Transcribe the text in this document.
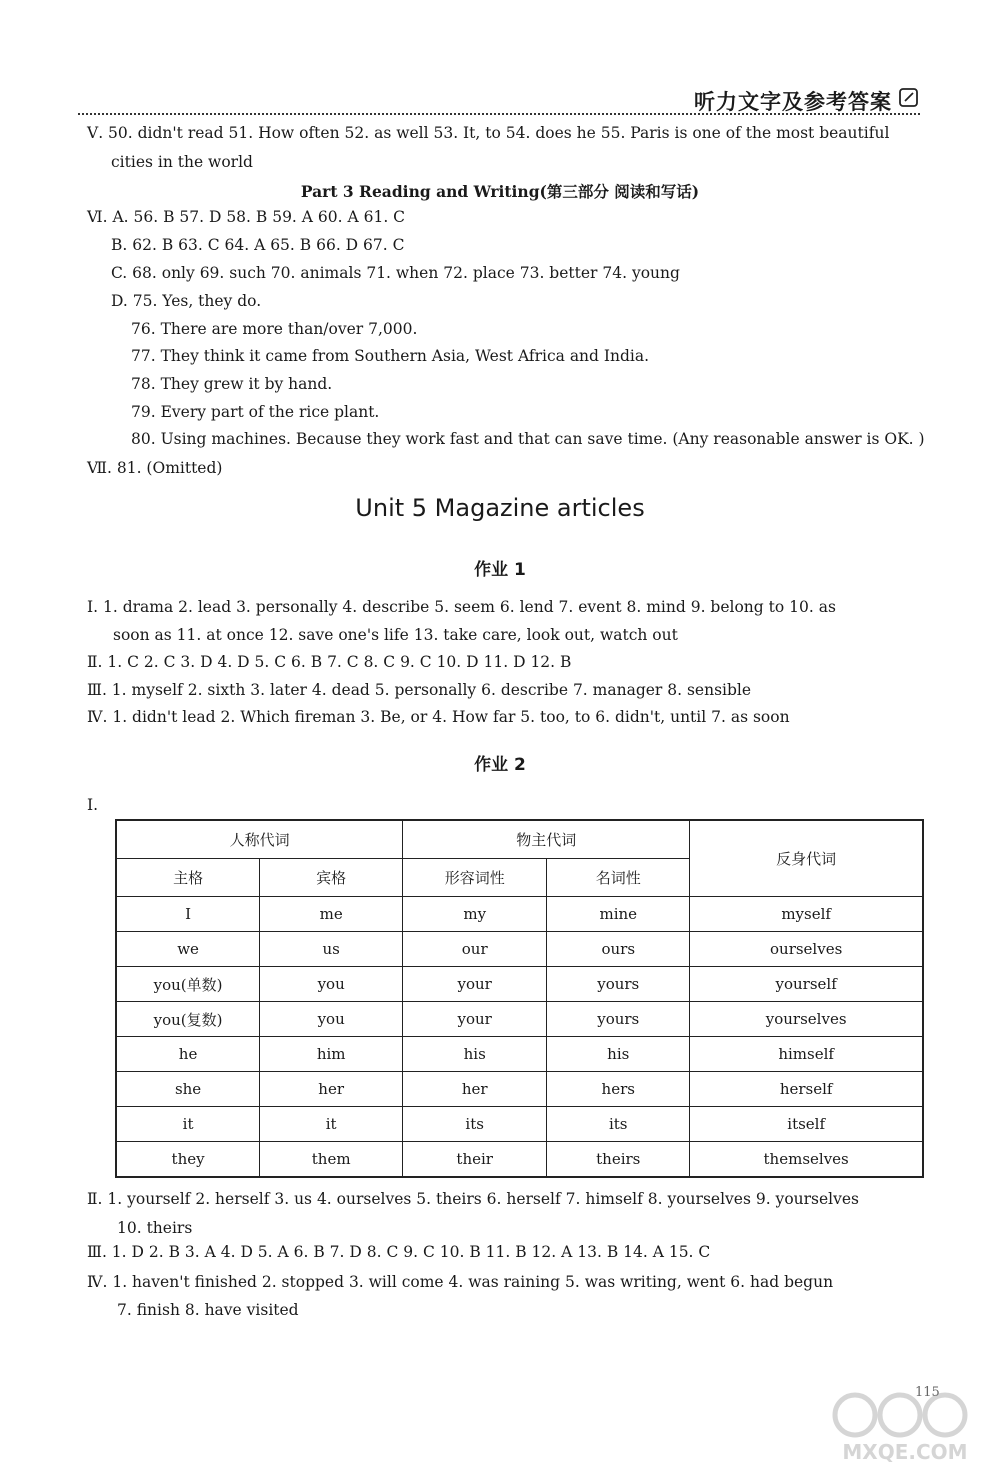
听力文字及参考答案
Ⅴ. 50. didn't read 51. How often 52. as well 53. It, to 54. does he 55. Paris is one of the most beautiful
cities in the world
Part 3 Reading and Writing(第三部分 阅读和写话)
Ⅵ. A. 56. B 57. D 58. B 59. A 60. A 61. C
B. 62. B 63. C 64. A 65. B 66. D 67. C
C. 68. only 69. such 70. animals 71. when 72. place 73. better 74. young
D. 75. Yes, they do.
76. There are more than/over 7,000.
77. They think it came from Southern Asia, West Africa and India.
78. They grew it by hand.
79. Every part of the rice plant.
80. Using machines. Because they work fast and that can save time. (Any reasonable answer is OK. )
Ⅶ. 81. (Omitted)
Unit 5 Magazine articles
作业 1
Ⅰ. 1. drama 2. lead 3. personally 4. describe 5. seem 6. lend 7. event 8. mind 9. belong to 10. as
soon as 11. at once 12. save one's life 13. take care, look out, watch out
Ⅱ. 1. C 2. C 3. D 4. D 5. C 6. B 7. C 8. C 9. C 10. D 11. D 12. B
Ⅲ. 1. myself 2. sixth 3. later 4. dead 5. personally 6. describe 7. manager 8. sensible
Ⅳ. 1. didn't lead 2. Which fireman 3. Be, or 4. How far 5. too, to 6. didn't, until 7. as soon
作业 2
Ⅰ.
人称代词		物主代词		反身代词
主格	宾格	形容词性	名词性	
I	me	my	mine	myself
we	us	our	ours	ourselves
you(单数)	you	your	yours	yourself
you(复数)	you	your	yours	yourselves
he	him	his	his	himself
she	her	her	hers	herself
it	it	its	its	itself
they	them	their	theirs	themselves
Ⅱ. 1. yourself 2. herself 3. us 4. ourselves 5. theirs 6. herself 7. himself 8. yourselves 9. yourselves
10. theirs
Ⅲ. 1. D 2. B 3. A 4. D 5. A 6. B 7. D 8. C 9. C 10. B 11. B 12. A 13. B 14. A 15. C
Ⅳ. 1. haven't finished 2. stopped 3. will come 4. was raining 5. was writing, went 6. had begun
7. finish 8. have visited
115
MXQE.COM
